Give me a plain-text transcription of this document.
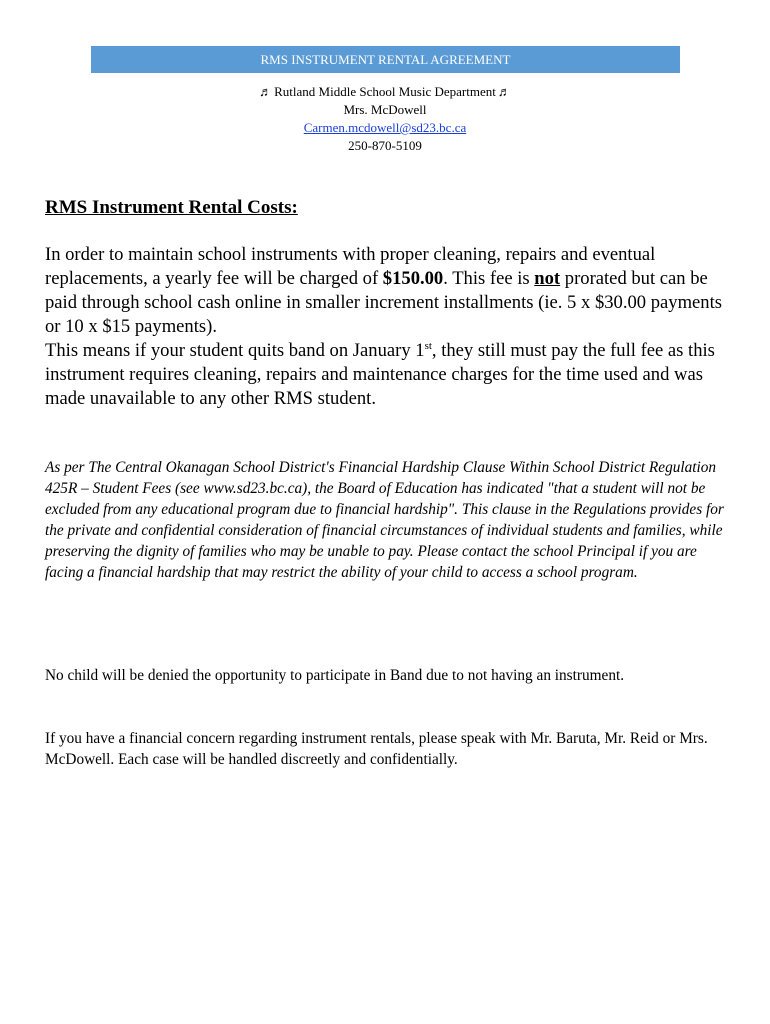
RMS INSTRUMENT RENTAL AGREEMENT
♬ Rutland Middle School Music Department ♬
Mrs. McDowell
Carmen.mcdowell@sd23.bc.ca
250-870-5109
RMS Instrument Rental Costs:

In order to maintain school instruments with proper cleaning, repairs and eventual replacements, a yearly fee will be charged of $150.00. This fee is not prorated but can be paid through school cash online in smaller increment installments (ie. 5 x $30.00 payments or 10 x $15 payments).
This means if your student quits band on January 1st, they still must pay the full fee as this instrument requires cleaning, repairs and maintenance charges for the time used and was made unavailable to any other RMS student.

As per The Central Okanagan School District's Financial Hardship Clause Within School District Regulation 425R – Student Fees (see www.sd23.bc.ca), the Board of Education has indicated "that a student will not be excluded from any educational program due to financial hardship". This clause in the Regulations provides for the private and confidential consideration of financial circumstances of individual students and families, while preserving the dignity of families who may be unable to pay. Please contact the school Principal if you are facing a financial hardship that may restrict the ability of your child to access a school program.

No child will be denied the opportunity to participate in Band due to not having an instrument.

If you have a financial concern regarding instrument rentals, please speak with Mr. Baruta, Mr. Reid or Mrs. McDowell. Each case will be handled discreetly and confidentially.
